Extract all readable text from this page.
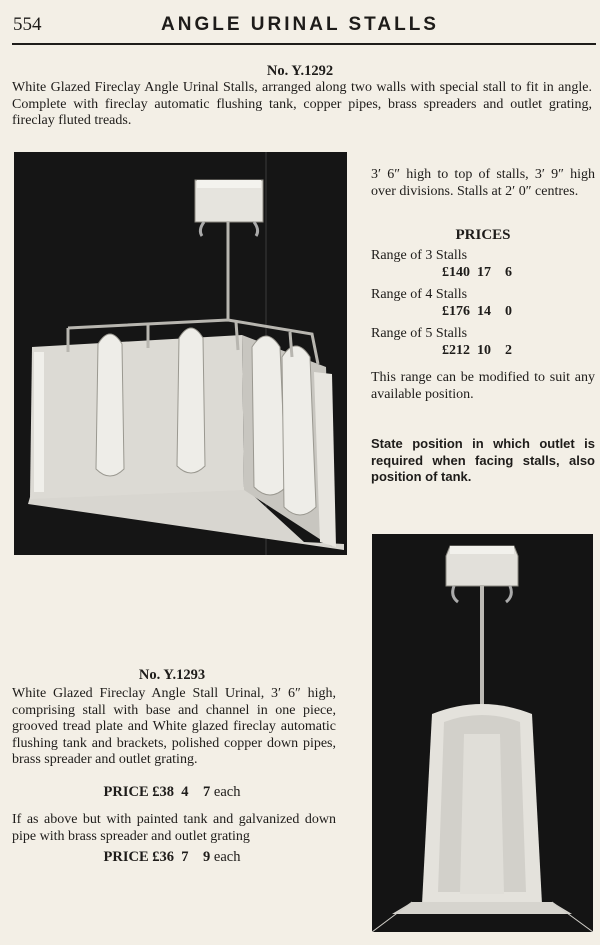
554	ANGLE URINAL STALLS
No. Y.1292
White Glazed Fireclay Angle Urinal Stalls, arranged along two walls with special stall to fit in angle. Complete with fireclay automatic flushing tank, copper pipes, brass spreaders and outlet grating, fireclay fluted treads.
3′ 6″ high to top of stalls, 3′ 9″ high over divisions. Stalls at 2′ 0″ centres.
PRICES
Range of 3 Stalls
£140  17    6
Range of 4 Stalls
£176  14    0
Range of 5 Stalls
£212  10    2
This range can be modified to suit any available position.
State position in which outlet is required when facing stalls, also position of tank.
No. Y.1293
White Glazed Fireclay Angle Stall Urinal, 3′ 6″ high, comprising stall with base and channel in one piece, grooved tread plate and White glazed fireclay automatic flushing tank and brackets, polished copper down pipes, brass spreader and outlet grating.
PRICE £38  4    7 each
If as above but with painted tank and galvanized down pipe with brass spreader and outlet grating
PRICE £36  7    9 each
